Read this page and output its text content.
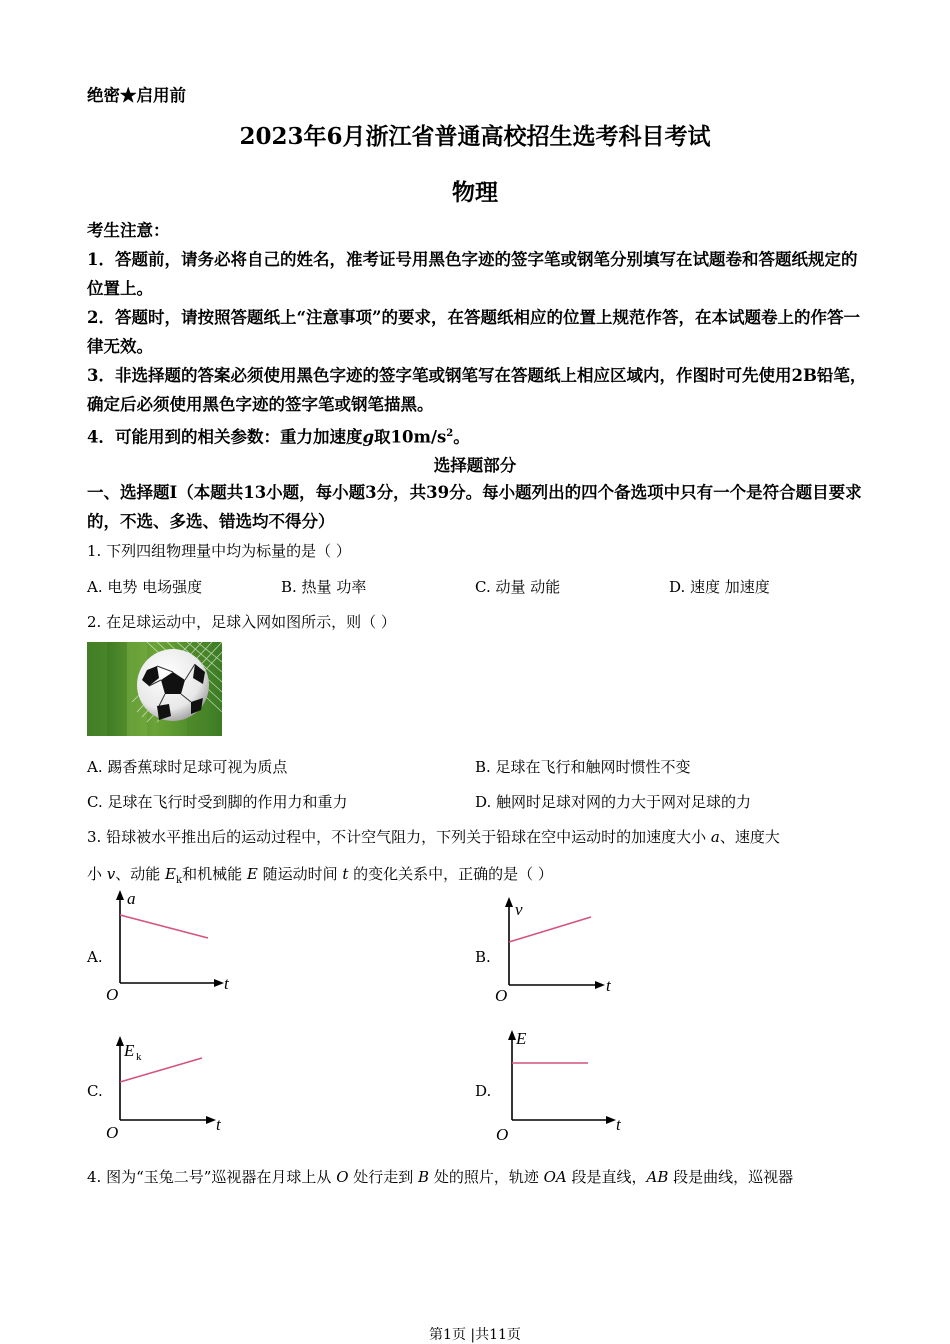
绝密★启用前
2023年6月浙江省普通高校招生选考科目考试
物理
考生注意：
1．答题前，请务必将自己的姓名，准考证号用黑色字迹的签字笔或钢笔分别填写在试题卷和答题纸规定的位置上。
2．答题时，请按照答题纸上“注意事项”的要求，在答题纸相应的位置上规范作答，在本试题卷上的作答一律无效。
3．非选择题的答案必须使用黑色字迹的签字笔或钢笔写在答题纸上相应区域内，作图时可先使用2B铅笔，确定后必须使用黑色字迹的签字笔或钢笔描黑。
4．可能用到的相关参数：重力加速度g取$10m/s^2$。
选择题部分
一、选择题Ⅰ（本题共13小题，每小题3分，共39分。每小题列出的四个备选项中只有一个是符合题目要求的，不选、多选、错选均不得分）
1. 下列四组物理量中均为标量的是（ ）
A. 电势 电场强度	B. 热量 功率	C. 动量 动能	D. 速度 加速度
2. 在足球运动中，足球入网如图所示，则（ ）
A. 踢香蕉球时足球可视为质点	B. 足球在飞行和触网时惯性不变
C. 足球在飞行时受到脚的作用力和重力	D. 触网时足球对网的力大于网对足球的力
3. 铅球被水平推出后的运动过程中，不计空气阻力，下列关于铅球在空中运动时的加速度大小 a、速度大
小 v、动能 $E_k$和机械能 E 随运动时间 t 的变化关系中，正确的是（ ）
A.	B.
C.	D.
a
t
O
v
t
O
E k
t
O
E
t
O
4. 图为“玉兔二号”巡视器在月球上从 O 处行走到 B 处的照片，轨迹 OA 段是直线，AB 段是曲线，巡视器
第1页 |共11页
